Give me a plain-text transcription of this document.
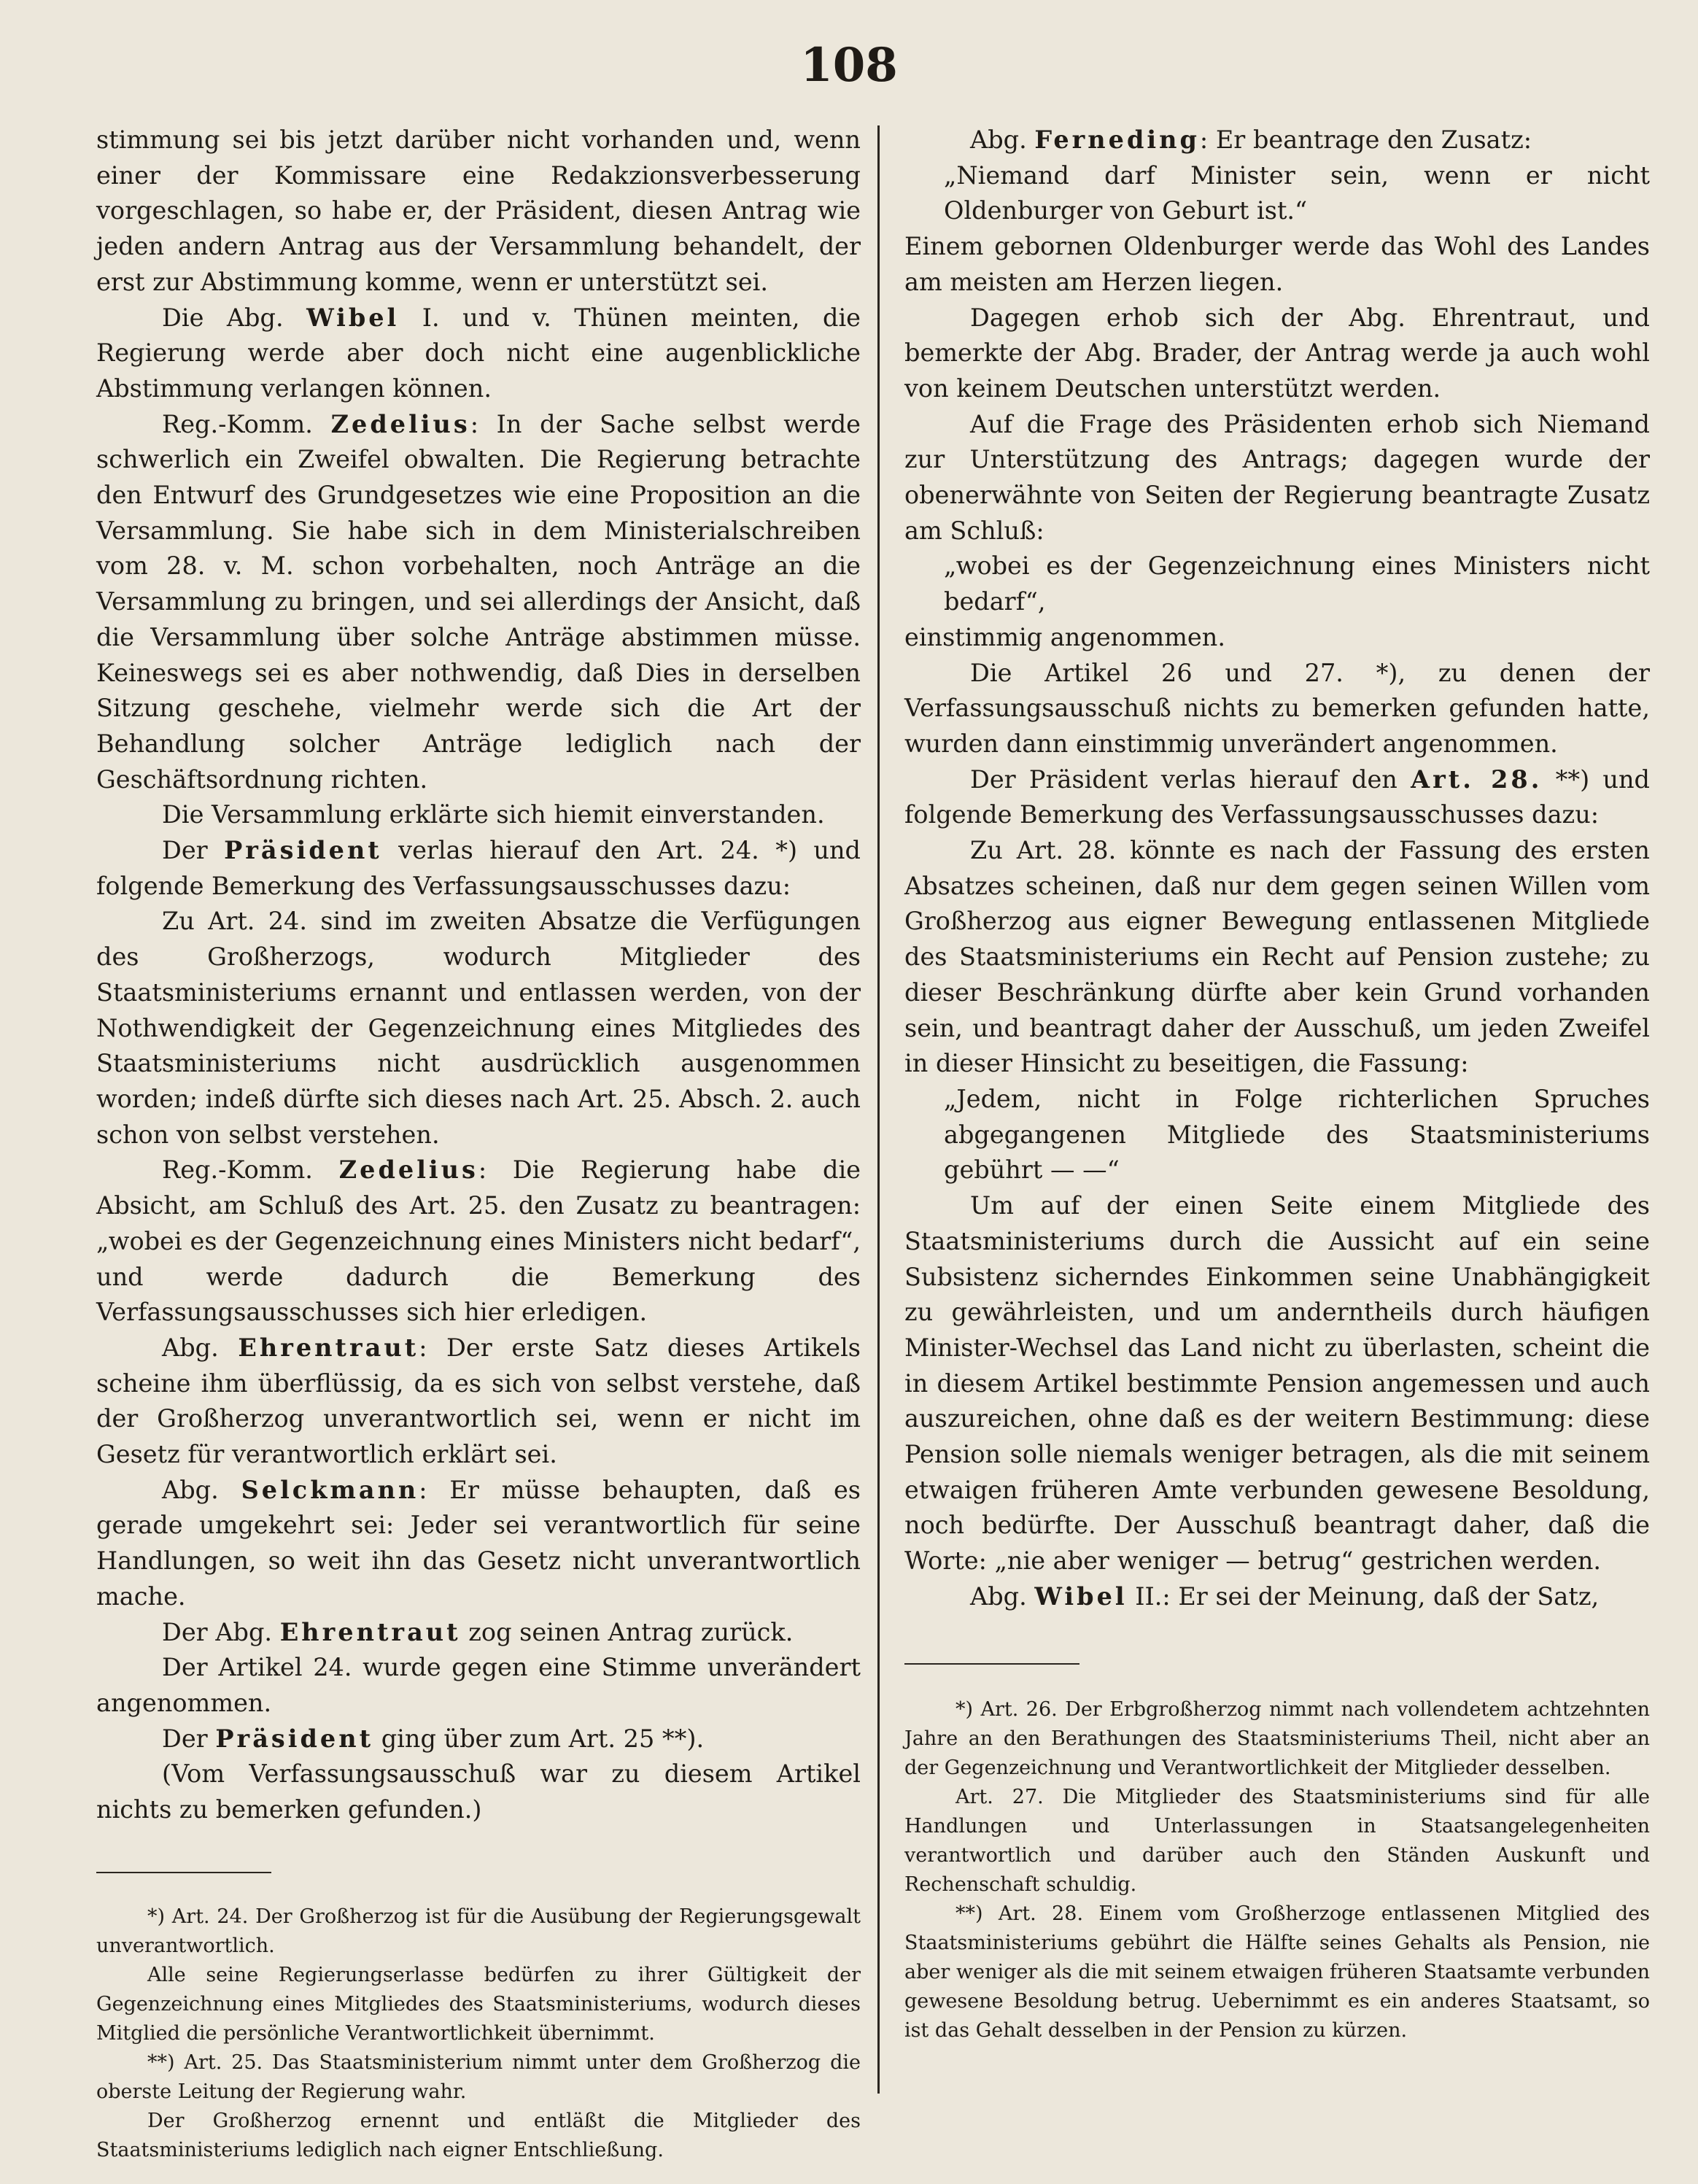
108

stimmung sei bis jetzt darüber nicht vorhanden und, wenn einer der Kommissare eine Redakzionsverbesserung vorgeschlagen, so habe er, der Präsident, diesen Antrag wie jeden andern Antrag aus der Versammlung behandelt, der erst zur Abstimmung komme, wenn er unterstützt sei.

Die Abg. Wibel I. und v. Thünen meinten, die Regierung werde aber doch nicht eine augenblickliche Abstimmung verlangen können.

Reg.-Komm. Zedelius: In der Sache selbst werde schwerlich ein Zweifel obwalten. Die Regierung betrachte den Entwurf des Grundgesetzes wie eine Proposition an die Versammlung. Sie habe sich in dem Ministerialschreiben vom 28. v. M. schon vorbehalten, noch Anträge an die Versammlung zu bringen, und sei allerdings der Ansicht, daß die Versammlung über solche Anträge abstimmen müsse. Keineswegs sei es aber nothwendig, daß Dies in derselben Sitzung geschehe, vielmehr werde sich die Art der Behandlung solcher Anträge lediglich nach der Geschäftsordnung richten.

Die Versammlung erklärte sich hiemit einverstanden.

Der Präsident verlas hierauf den Art. 24. *) und folgende Bemerkung des Verfassungsausschusses dazu:

Zu Art. 24. sind im zweiten Absatze die Verfügungen des Großherzogs, wodurch Mitglieder des Staatsministeriums ernannt und entlassen werden, von der Nothwendigkeit der Gegenzeichnung eines Mitgliedes des Staatsministeriums nicht ausdrücklich ausgenommen worden; indeß dürfte sich dieses nach Art. 25. Absch. 2. auch schon von selbst verstehen.

Reg.-Komm. Zedelius: Die Regierung habe die Absicht, am Schluß des Art. 25. den Zusatz zu beantragen: „wobei es der Gegenzeichnung eines Ministers nicht bedarf“, und werde dadurch die Bemerkung des Verfassungsausschusses sich hier erledigen.

Abg. Ehrentraut: Der erste Satz dieses Artikels scheine ihm überflüssig, da es sich von selbst verstehe, daß der Großherzog unverantwortlich sei, wenn er nicht im Gesetz für verantwortlich erklärt sei.

Abg. Selckmann: Er müsse behaupten, daß es gerade umgekehrt sei: Jeder sei verantwortlich für seine Handlungen, so weit ihn das Gesetz nicht unverantwortlich mache.

Der Abg. Ehrentraut zog seinen Antrag zurück.

Der Artikel 24. wurde gegen eine Stimme unverändert angenommen.

Der Präsident ging über zum Art. 25 **).

(Vom Verfassungsausschuß war zu diesem Artikel nichts zu bemerken gefunden.)

*) Art. 24. Der Großherzog ist für die Ausübung der Regierungsgewalt unverantwortlich.

Alle seine Regierungserlasse bedürfen zu ihrer Gültigkeit der Gegenzeichnung eines Mitgliedes des Staatsministeriums, wodurch dieses Mitglied die persönliche Verantwortlichkeit übernimmt.

**) Art. 25. Das Staatsministerium nimmt unter dem Großherzog die oberste Leitung der Regierung wahr.

Der Großherzog ernennt und entläßt die Mitglieder des Staatsministeriums lediglich nach eigner Entschließung.

Abg. Ferneding: Er beantrage den Zusatz:

„Niemand darf Minister sein, wenn er nicht Oldenburger von Geburt ist.“

Einem gebornen Oldenburger werde das Wohl des Landes am meisten am Herzen liegen.

Dagegen erhob sich der Abg. Ehrentraut, und bemerkte der Abg. Brader, der Antrag werde ja auch wohl von keinem Deutschen unterstützt werden.

Auf die Frage des Präsidenten erhob sich Niemand zur Unterstützung des Antrags; dagegen wurde der obenerwähnte von Seiten der Regierung beantragte Zusatz am Schluß:

„wobei es der Gegenzeichnung eines Ministers nicht bedarf“,

einstimmig angenommen.

Die Artikel 26 und 27. *), zu denen der Verfassungsausschuß nichts zu bemerken gefunden hatte, wurden dann einstimmig unverändert angenommen.

Der Präsident verlas hierauf den Art. 28. **) und folgende Bemerkung des Verfassungsausschusses dazu:

Zu Art. 28. könnte es nach der Fassung des ersten Absatzes scheinen, daß nur dem gegen seinen Willen vom Großherzog aus eigner Bewegung entlassenen Mitgliede des Staatsministeriums ein Recht auf Pension zustehe; zu dieser Beschränkung dürfte aber kein Grund vorhanden sein, und beantragt daher der Ausschuß, um jeden Zweifel in dieser Hinsicht zu beseitigen, die Fassung:

„Jedem, nicht in Folge richterlichen Spruches abgegangenen Mitgliede des Staatsministeriums gebührt — —“

Um auf der einen Seite einem Mitgliede des Staatsministeriums durch die Aussicht auf ein seine Subsistenz sicherndes Einkommen seine Unabhängigkeit zu gewährleisten, und um anderntheils durch häufigen Minister-Wechsel das Land nicht zu überlasten, scheint die in diesem Artikel bestimmte Pension angemessen und auch auszureichen, ohne daß es der weitern Bestimmung: diese Pension solle niemals weniger betragen, als die mit seinem etwaigen früheren Amte verbunden gewesene Besoldung, noch bedürfte. Der Ausschuß beantragt daher, daß die Worte: „nie aber weniger — betrug“ gestrichen werden.

Abg. Wibel II.: Er sei der Meinung, daß der Satz,

*) Art. 26. Der Erbgroßherzog nimmt nach vollendetem achtzehnten Jahre an den Berathungen des Staatsministeriums Theil, nicht aber an der Gegenzeichnung und Verantwortlichkeit der Mitglieder desselben.

Art. 27. Die Mitglieder des Staatsministeriums sind für alle Handlungen und Unterlassungen in Staatsangelegenheiten verantwortlich und darüber auch den Ständen Auskunft und Rechenschaft schuldig.

**) Art. 28. Einem vom Großherzoge entlassenen Mitglied des Staatsministeriums gebührt die Hälfte seines Gehalts als Pension, nie aber weniger als die mit seinem etwaigen früheren Staatsamte verbunden gewesene Besoldung betrug. Uebernimmt es ein anderes Staatsamt, so ist das Gehalt desselben in der Pension zu kürzen.
